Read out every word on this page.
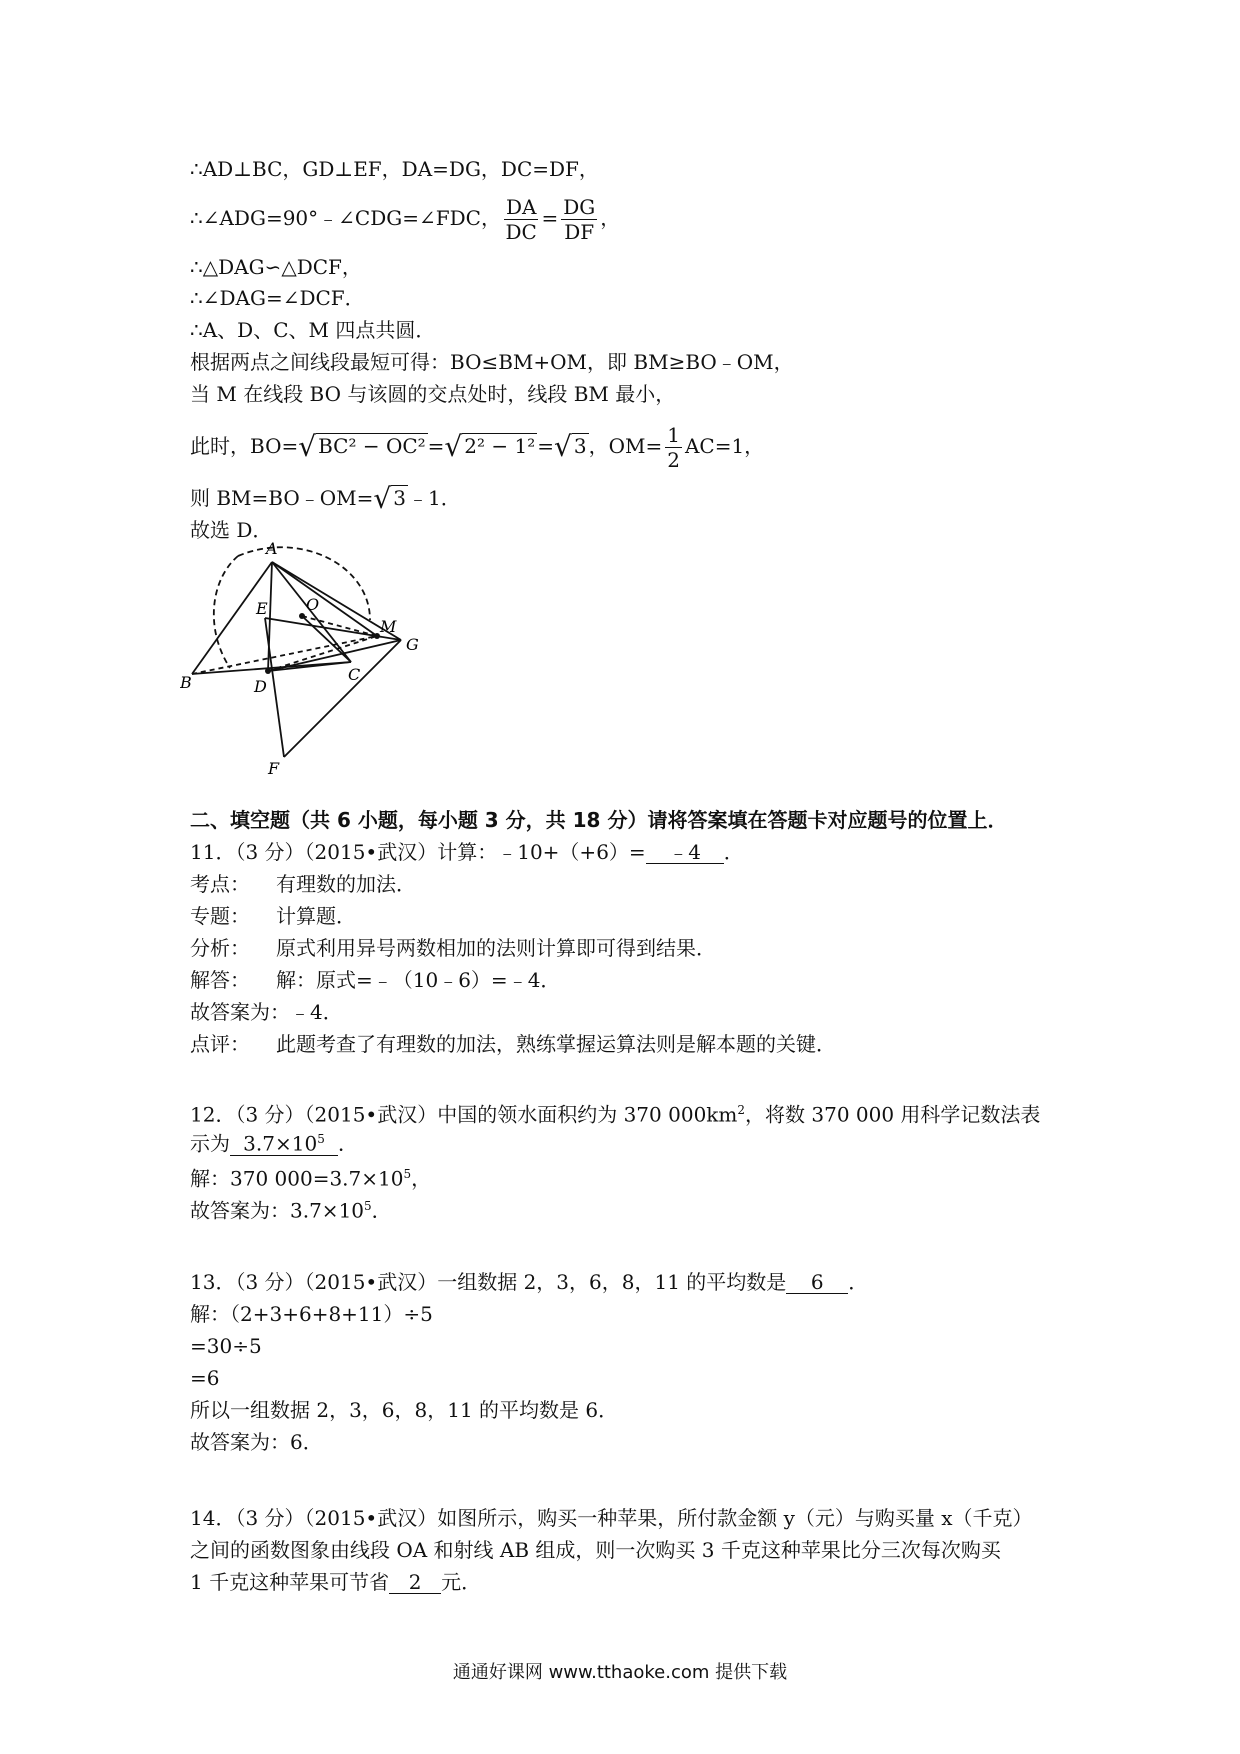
∴AD⊥BC，GD⊥EF，DA=DG，DC=DF，
∴∠ADG=90°﹣∠CDG=∠FDC， $\frac{DA}{DC} = \frac{DG}{DF}$ ，
∴△DAG∽△DCF，
∴∠DAG=∠DCF．
∴A、D、C、M 四点共圆．
根据两点之间线段最短可得：BO≤BM+OM，即 BM≥BO﹣OM，
当 M 在线段 BO 与该圆的交点处时，线段 BM 最小，
此时，BO=√ BC² − OC² =√ 2² − 1² =√ 3 ，$OM= \frac{1}{2} AC=1$，
则 BM=BO﹣OM=√ 3 ﹣1．
故选 D．
A
E O
M
G
B	D
C
F
二、填空题（共 6 小题，每小题 3 分，共 18 分）请将答案填在答题卡对应题号的位置上．
11．（3 分）（2015•武汉）计算：﹣10+（+6）= ﹣4 ．
考点： 有理数的加法．
专题： 计算题．
分析： 原式利用异号两数相加的法则计算即可得到结果．
解答： 解：原式=﹣（10﹣6）=﹣4．
故答案为：﹣4．
点评： 此题考查了有理数的加法，熟练掌握运算法则是解本题的关键．
12．（3 分）（2015•武汉）中国的领水面积约为 370 $000km^2$，将数 370 000 用科学记数法表
示为 $3.7\times 10^5$ ．
解：370 $000=3.7\times 10^5$，
故答案为：$3.7\times 10^5$．
13．（3 分）（2015•武汉）一组数据 2，3，6，8，11 的平均数是 6 ．
解：（2+3+6+8+11）÷5
=30÷5
=6
所以一组数据 2，3，6，8，11 的平均数是 6．
故答案为：6．
14．（3 分）（2015•武汉）如图所示，购买一种苹果，所付款金额 y（元）与购买量 x（千克）
之间的函数图象由线段 OA 和射线 AB 组成，则一次购买 3 千克这种苹果比分三次每次购买
1 千克这种苹果可节省 2 元．
通通好课网 www.tthaoke.com 提供下载
